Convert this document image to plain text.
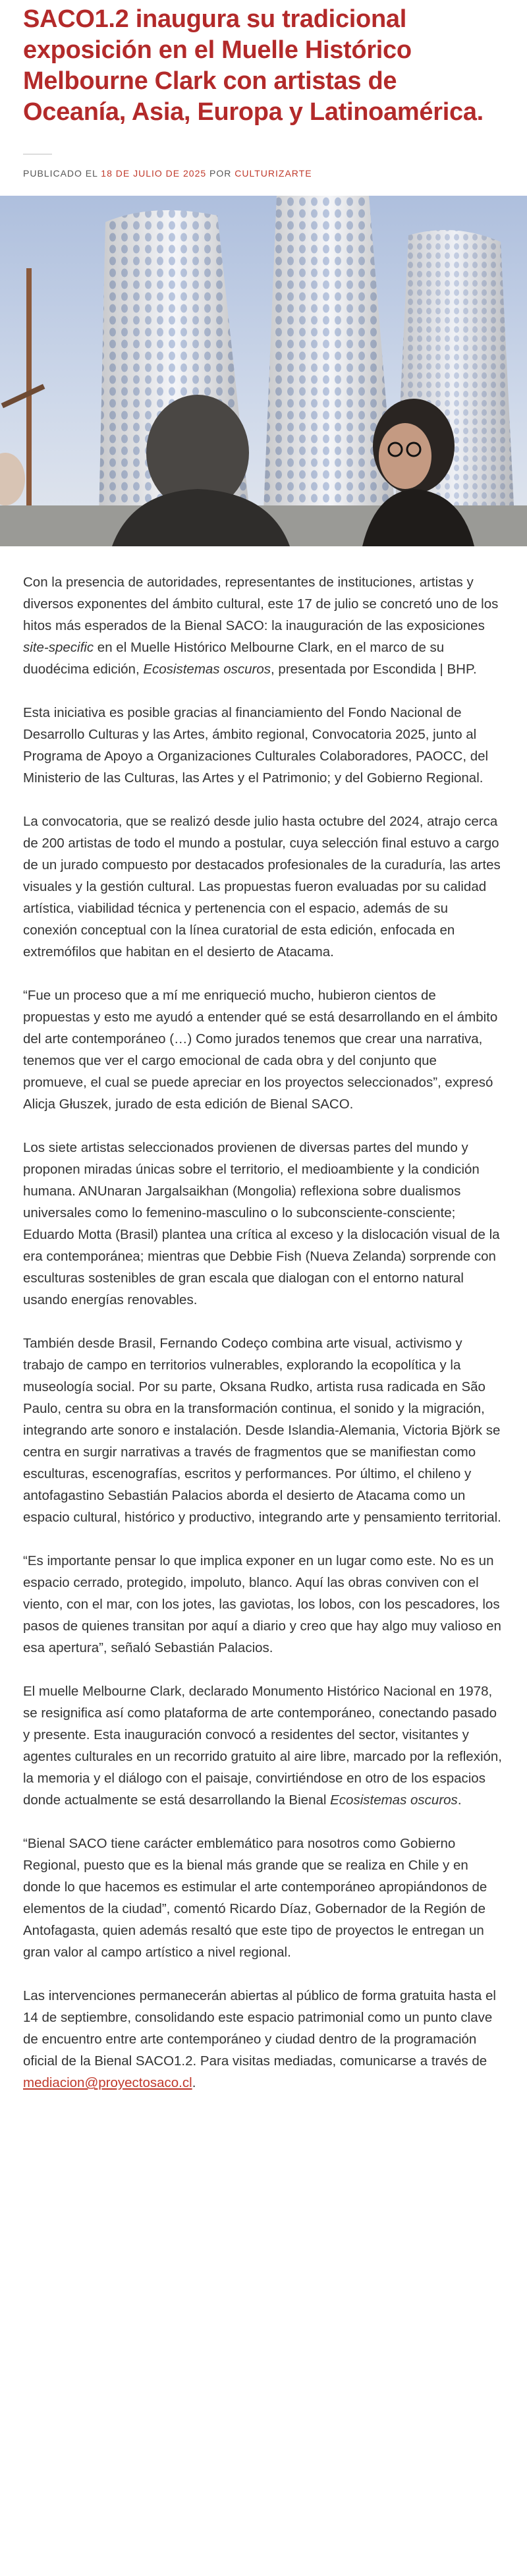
SACO1.2 inaugura su tradicional exposición en el Muelle Histórico Melbourne Clark con artistas de Oceanía, Asia, Europa y Latinoamérica.
PUBLICADO EL 18 DE JULIO DE 2025 POR CULTURIZARTE

Con la presencia de autoridades, representantes de instituciones, artistas y diversos exponentes del ámbito cultural, este 17 de julio se concretó uno de los hitos más esperados de la Bienal SACO: la inauguración de las exposiciones site-specific en el Muelle Histórico Melbourne Clark, en el marco de su duodécima edición, Ecosistemas oscuros, presentada por Escondida | BHP.

Esta iniciativa es posible gracias al financiamiento del Fondo Nacional de Desarrollo Culturas y las Artes, ámbito regional, Convocatoria 2025, junto al Programa de Apoyo a Organizaciones Culturales Colaboradores, PAOCC, del Ministerio de las Culturas, las Artes y el Patrimonio; y del Gobierno Regional.

La convocatoria, que se realizó desde julio hasta octubre del 2024, atrajo cerca de 200 artistas de todo el mundo a postular, cuya selección final estuvo a cargo de un jurado compuesto por destacados profesionales de la curaduría, las artes visuales y la gestión cultural. Las propuestas fueron evaluadas por su calidad artística, viabilidad técnica y pertenencia con el espacio, además de su conexión conceptual con la línea curatorial de esta edición, enfocada en extremófilos que habitan en el desierto de Atacama.

“Fue un proceso que a mí me enriqueció mucho, hubieron cientos de propuestas y esto me ayudó a entender qué se está desarrollando en el ámbito del arte contemporáneo (…) Como jurados tenemos que crear una narrativa, tenemos que ver el cargo emocional de cada obra y del conjunto que promueve, el cual se puede apreciar en los proyectos seleccionados”, expresó Alicja Głuszek, jurado de esta edición de Bienal SACO.

Los siete artistas seleccionados provienen de diversas partes del mundo y proponen miradas únicas sobre el territorio, el medioambiente y la condición humana. ANUnaran Jargalsaikhan (Mongolia) reflexiona sobre dualismos universales como lo femenino-masculino o lo subconsciente-consciente; Eduardo Motta (Brasil) plantea una crítica al exceso y la dislocación visual de la era contemporánea; mientras que Debbie Fish (Nueva Zelanda) sorprende con esculturas sostenibles de gran escala que dialogan con el entorno natural usando energías renovables.

También desde Brasil, Fernando Codeço combina arte visual, activismo y trabajo de campo en territorios vulnerables, explorando la ecopolítica y la museología social. Por su parte, Oksana Rudko, artista rusa radicada en São Paulo, centra su obra en la transformación continua, el sonido y la migración, integrando arte sonoro e instalación. Desde Islandia-Alemania, Victoria Björk se centra en surgir narrativas a través de fragmentos que se manifiestan como esculturas, escenografías, escritos y performances. Por último, el chileno y antofagastino Sebastián Palacios aborda el desierto de Atacama como un espacio cultural, histórico y productivo, integrando arte y pensamiento territorial.

“Es importante pensar lo que implica exponer en un lugar como este. No es un espacio cerrado, protegido, impoluto, blanco. Aquí las obras conviven con el viento, con el mar, con los jotes, las gaviotas, los lobos, con los pescadores, los pasos de quienes transitan por aquí a diario y creo que hay algo muy valioso en esa apertura”, señaló Sebastián Palacios.

El muelle Melbourne Clark, declarado Monumento Histórico Nacional en 1978, se resignifica así como plataforma de arte contemporáneo, conectando pasado y presente. Esta inauguración convocó a residentes del sector, visitantes y agentes culturales en un recorrido gratuito al aire libre, marcado por la reflexión, la memoria y el diálogo con el paisaje, convirtiéndose en otro de los espacios donde actualmente se está desarrollando la Bienal Ecosistemas oscuros.

“Bienal SACO tiene carácter emblemático para nosotros como Gobierno Regional, puesto que es la bienal más grande que se realiza en Chile y en donde lo que hacemos es estimular el arte contemporáneo apropiándonos de elementos de la ciudad”, comentó Ricardo Díaz, Gobernador de la Región de Antofagasta, quien además resaltó que este tipo de proyectos le entregan un gran valor al campo artístico a nivel regional.

Las intervenciones permanecerán abiertas al público de forma gratuita hasta el 14 de septiembre, consolidando este espacio patrimonial como un punto clave de encuentro entre arte contemporáneo y ciudad dentro de la programación oficial de la Bienal SACO1.2. Para visitas mediadas, comunicarse a través de mediacion@proyectosaco.cl.
